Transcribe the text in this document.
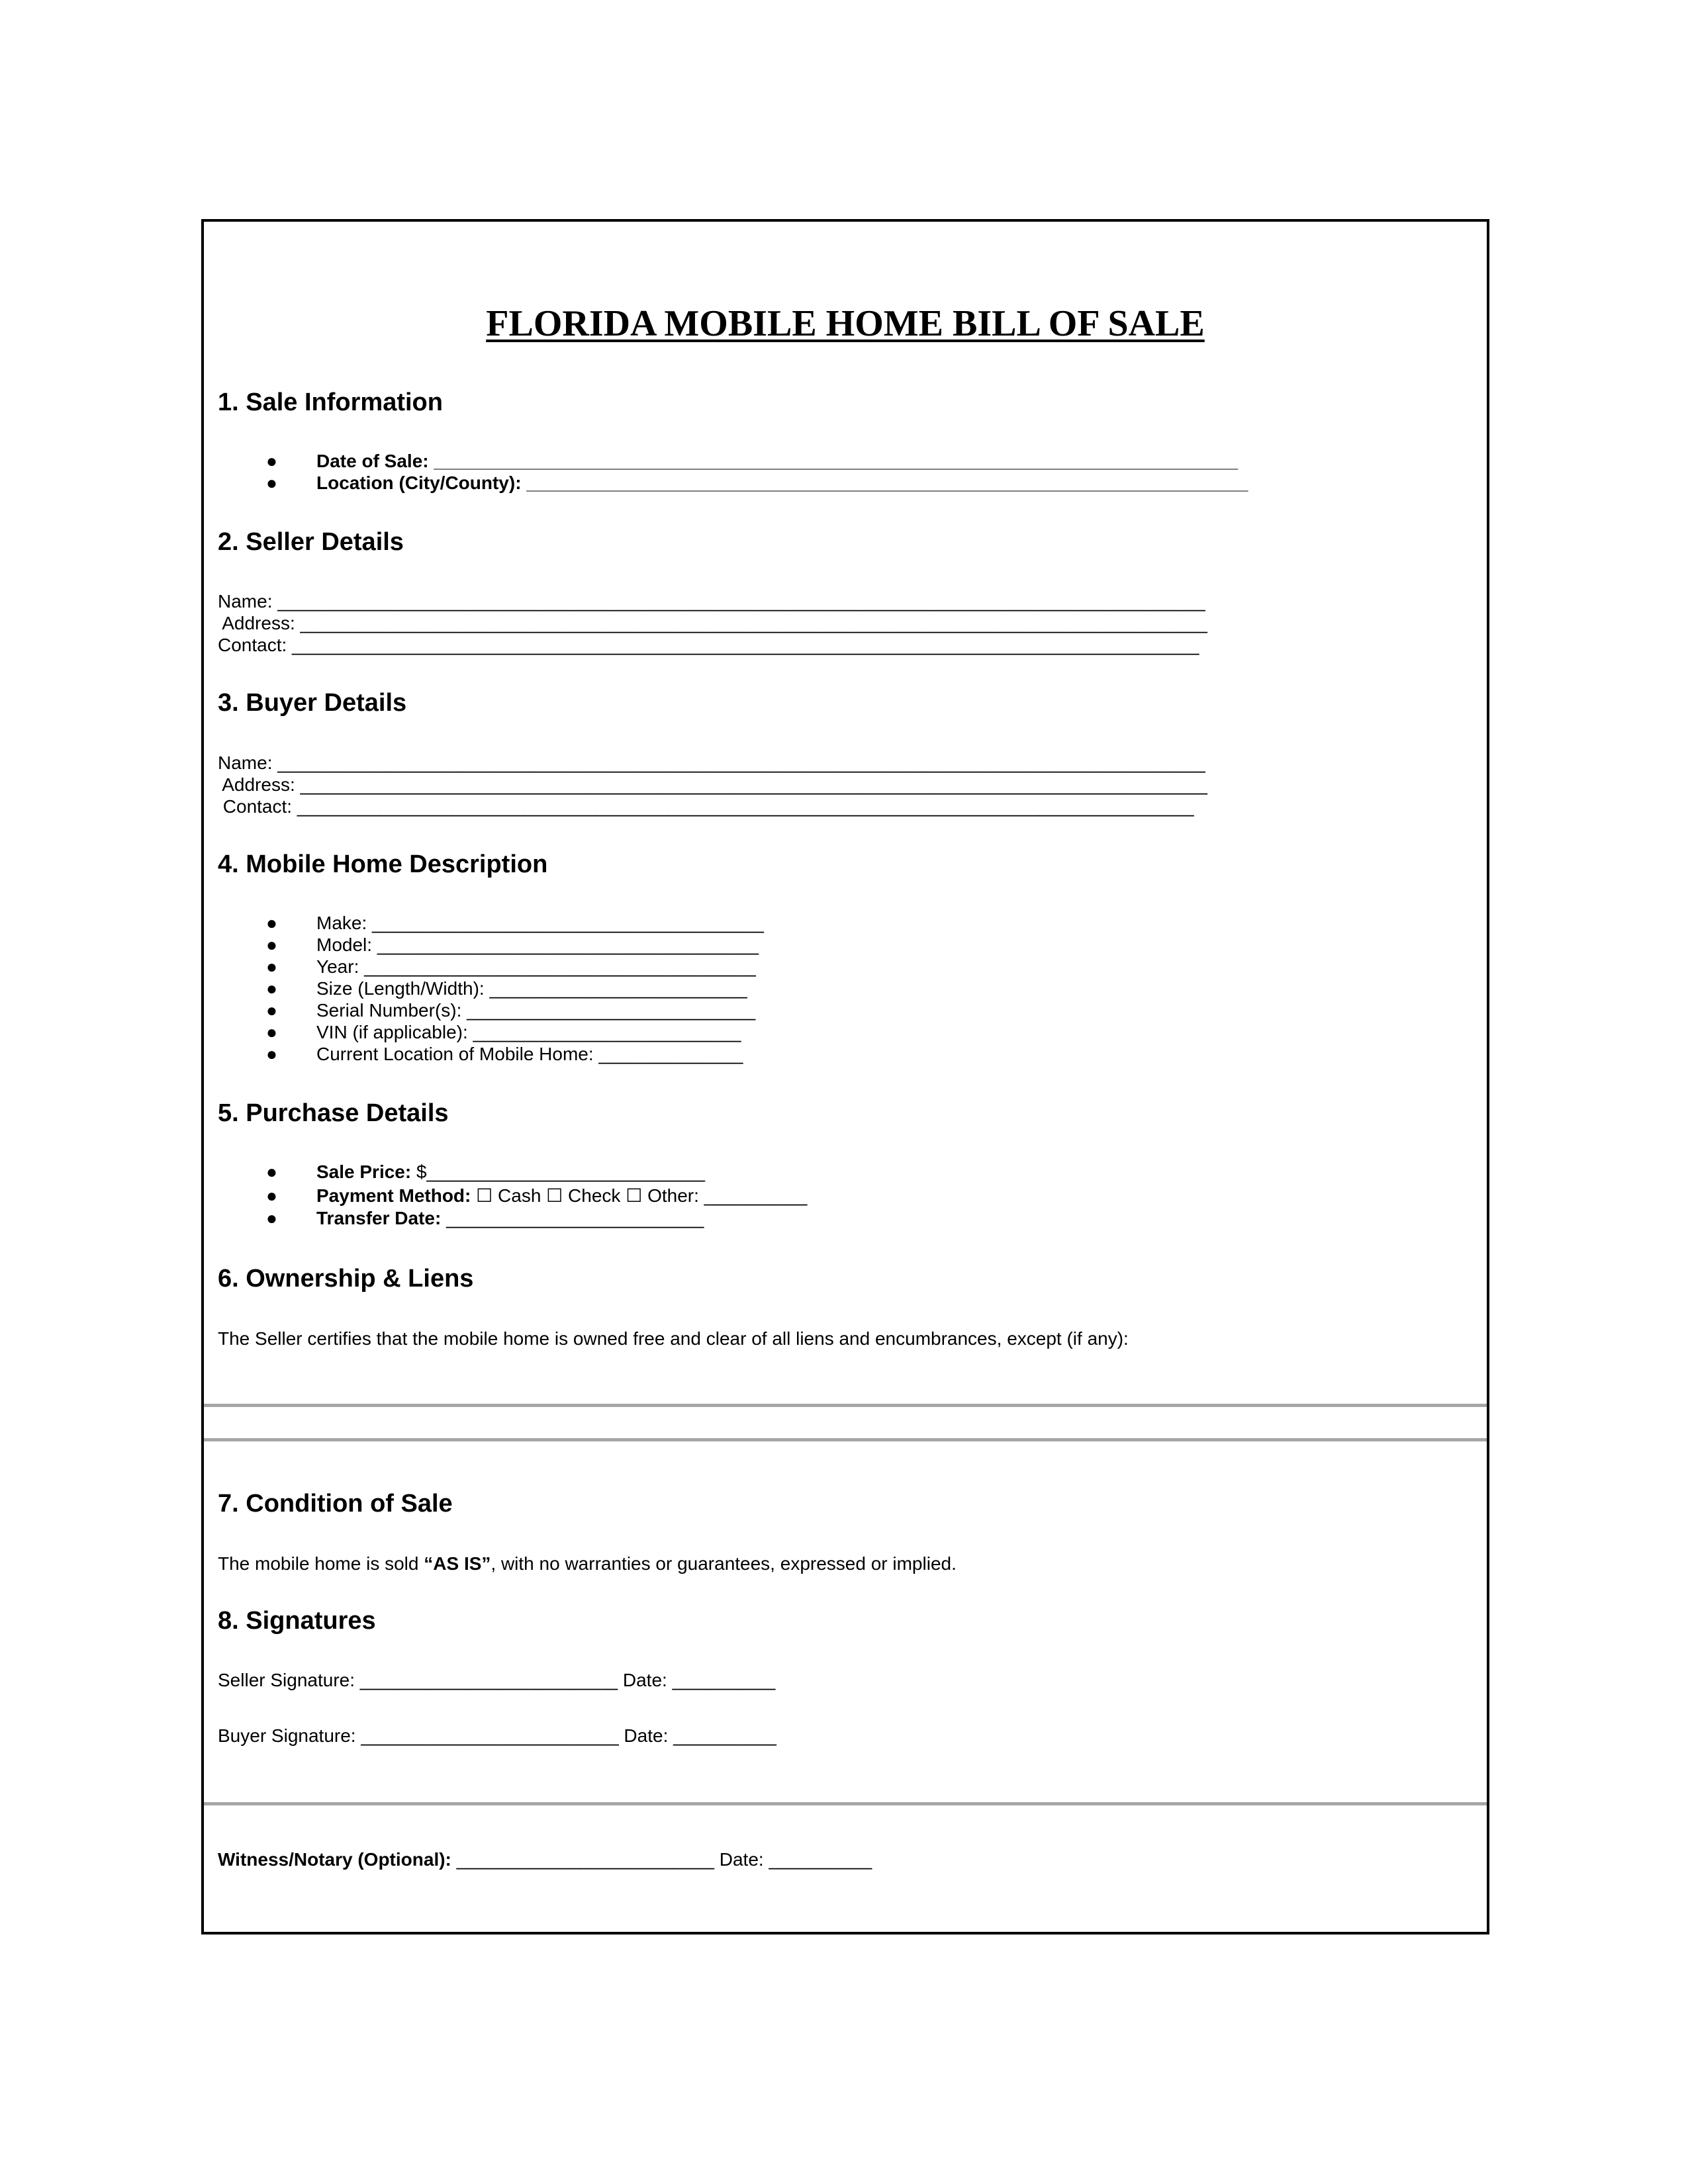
FLORIDA MOBILE HOME BILL OF SALE
1. Sale Information
● Date of Sale: ______________________________________________________________________________
● Location (City/County): ______________________________________________________________________
2. Seller Details
Name: __________________________________________________________________________________________
Address: ________________________________________________________________________________________
Contact: ________________________________________________________________________________________
3. Buyer Details
Name: __________________________________________________________________________________________
Address: ________________________________________________________________________________________
Contact: _______________________________________________________________________________________
4. Mobile Home Description
● Make: ______________________________________
● Model: _____________________________________
● Year: ______________________________________
● Size (Length/Width): _________________________
● Serial Number(s): ____________________________
● VIN (if applicable): __________________________
● Current Location of Mobile Home: ______________
5. Purchase Details
● Sale Price: $___________________________
● Payment Method: ☐ Cash ☐ Check ☐ Other: __________
● Transfer Date: _________________________
6. Ownership & Liens
The Seller certifies that the mobile home is owned free and clear of all liens and encumbrances, except (if any):
7. Condition of Sale
The mobile home is sold “AS IS”, with no warranties or guarantees, expressed or implied.
8. Signatures
Seller Signature: _________________________ Date: __________
Buyer Signature: _________________________ Date: __________
Witness/Notary (Optional): _________________________ Date: __________
